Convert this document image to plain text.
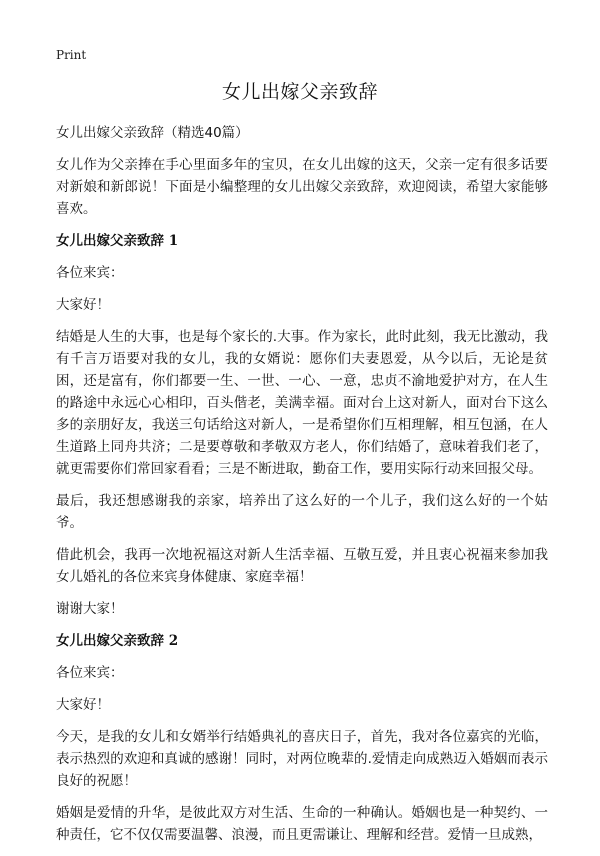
Print
女儿出嫁父亲致辞

女儿出嫁父亲致辞（精选40篇）

女儿作为父亲捧在手心里面多年的宝贝，在女儿出嫁的这天，父亲一定有很多话要对新娘和新郎说！下面是小编整理的女儿出嫁父亲致辞，欢迎阅读，希望大家能够喜欢。

女儿出嫁父亲致辞 1

各位来宾：

大家好！

结婚是人生的大事，也是每个家长的.大事。作为家长，此时此刻，我无比激动，我有千言万语要对我的女儿，我的女婿说：愿你们夫妻恩爱，从今以后，无论是贫困，还是富有，你们都要一生、一世、一心、一意，忠贞不渝地爱护对方，在人生的路途中永远心心相印，百头偕老，美满幸福。面对台上这对新人，面对台下这么多的亲朋好友，我送三句话给这对新人，一是希望你们互相理解，相互包涵，在人生道路上同舟共济；二是要尊敬和孝敬双方老人，你们结婚了，意味着我们老了，就更需要你们常回家看看；三是不断进取，勤奋工作，要用实际行动来回报父母。

最后，我还想感谢我的亲家，培养出了这么好的一个儿子，我们这么好的一个姑爷。

借此机会，我再一次地祝福这对新人生活幸福、互敬互爱，并且衷心祝福来参加我女儿婚礼的各位来宾身体健康、家庭幸福！

谢谢大家！

女儿出嫁父亲致辞 2

各位来宾：

大家好！

今天，是我的女儿和女婿举行结婚典礼的喜庆日子，首先，我对各位嘉宾的光临，表示热烈的欢迎和真诚的感谢！同时，对两位晚辈的.爱情走向成熟迈入婚姻而表示良好的祝愿！

婚姻是爱情的升华，是彼此双方对生活、生命的一种确认。婚姻也是一种契约、一种责任，它不仅仅需要温馨、浪漫，而且更需谦让、理解和经营。爱情一旦成熟，
